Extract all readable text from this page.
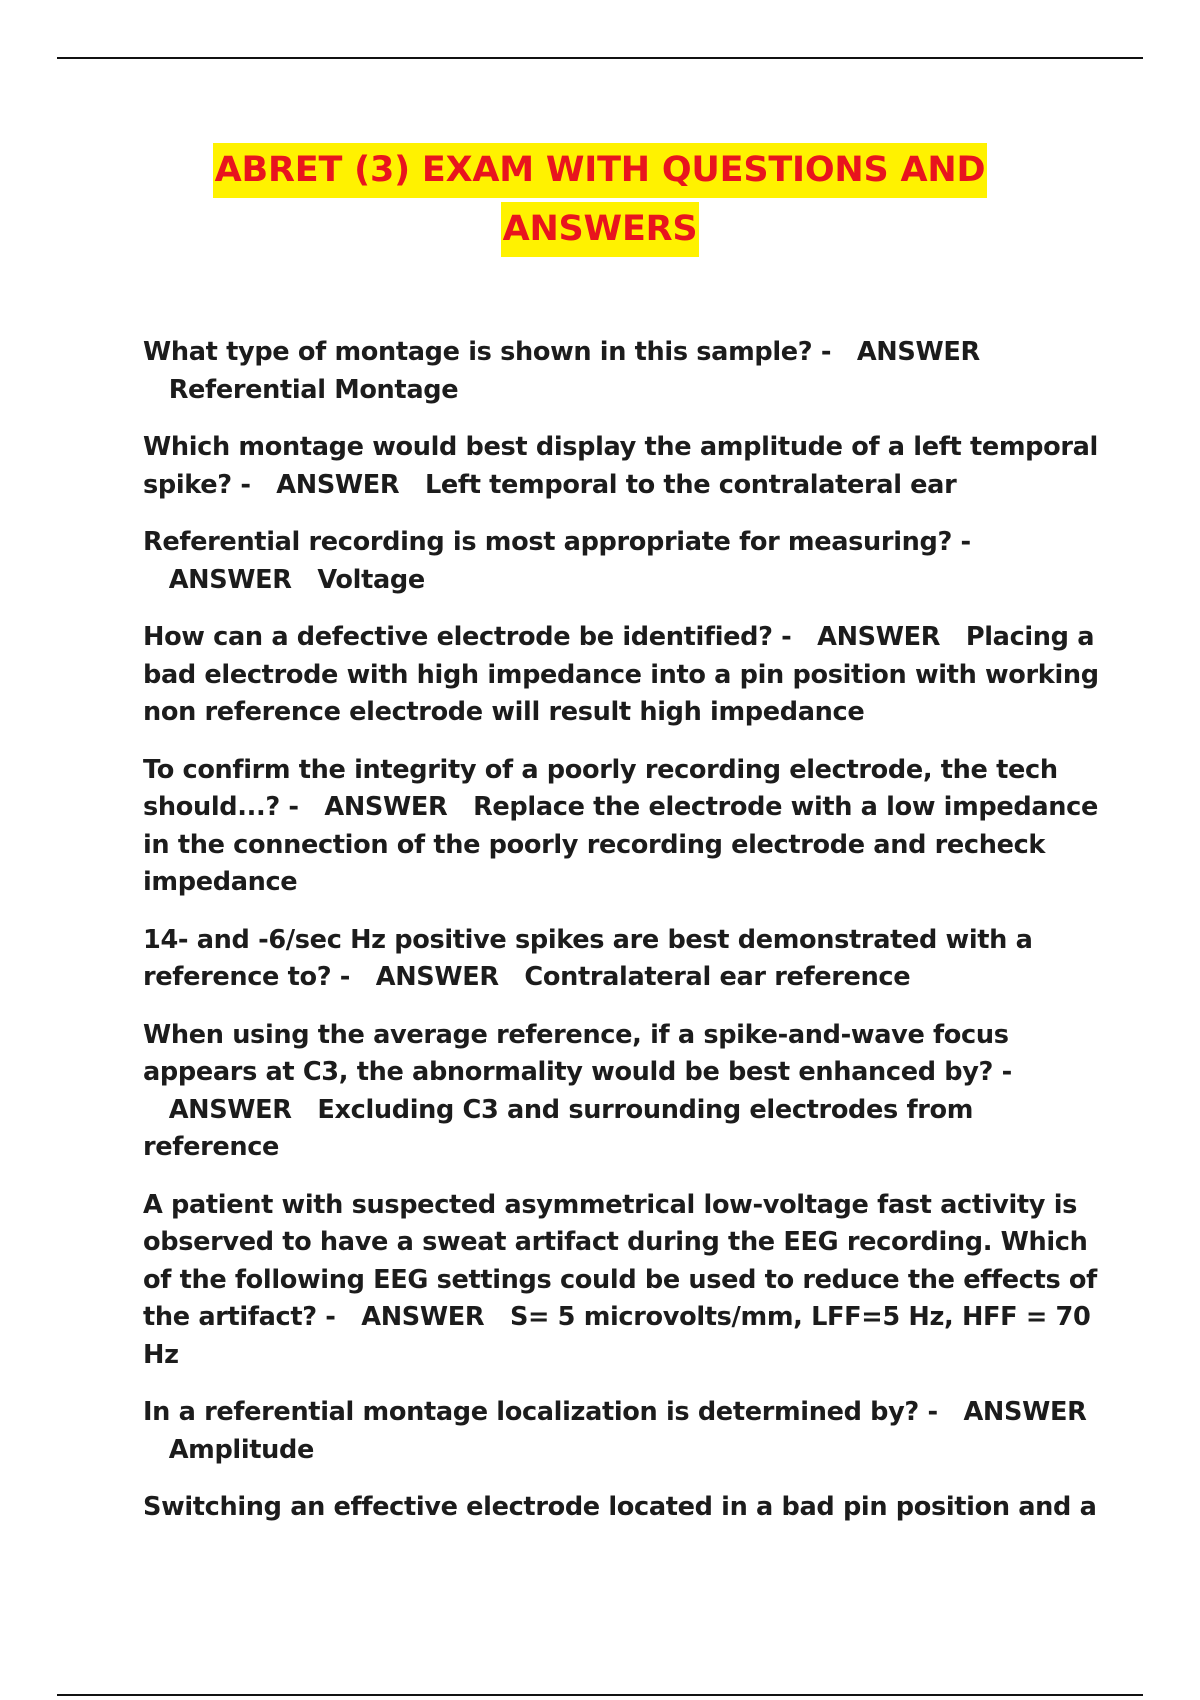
ABRET (3) EXAM WITH QUESTIONS AND
ANSWERS

What type of montage is shown in this sample? - ANSWER   Referential Montage

Which montage would best display the amplitude of a left temporal spike? - ANSWER Left temporal to the contralateral ear

Referential recording is most appropriate for measuring? -   ANSWER Voltage

How can a defective electrode be identified? - ANSWER Placing a bad electrode with high impedance into a pin position with working non reference electrode will result high impedance

To confirm the integrity of a poorly recording electrode, the tech should...? - ANSWER Replace the electrode with a low impedance in the connection of the poorly recording electrode and recheck impedance

14- and -6/sec Hz positive spikes are best demonstrated with a reference to? - ANSWER Contralateral ear reference

When using the average reference, if a spike-and-wave focus appears at C3, the abnormality would be best enhanced by? -   ANSWER Excluding C3 and surrounding electrodes from reference

A patient with suspected asymmetrical low-voltage fast activity is observed to have a sweat artifact during the EEG recording. Which of the following EEG settings could be used to reduce the effects of the artifact? - ANSWER S= 5 microvolts/mm, LFF=5 Hz, HFF = 70 Hz

In a referential montage localization is determined by? - ANSWER   Amplitude

Switching an effective electrode located in a bad pin position and a
